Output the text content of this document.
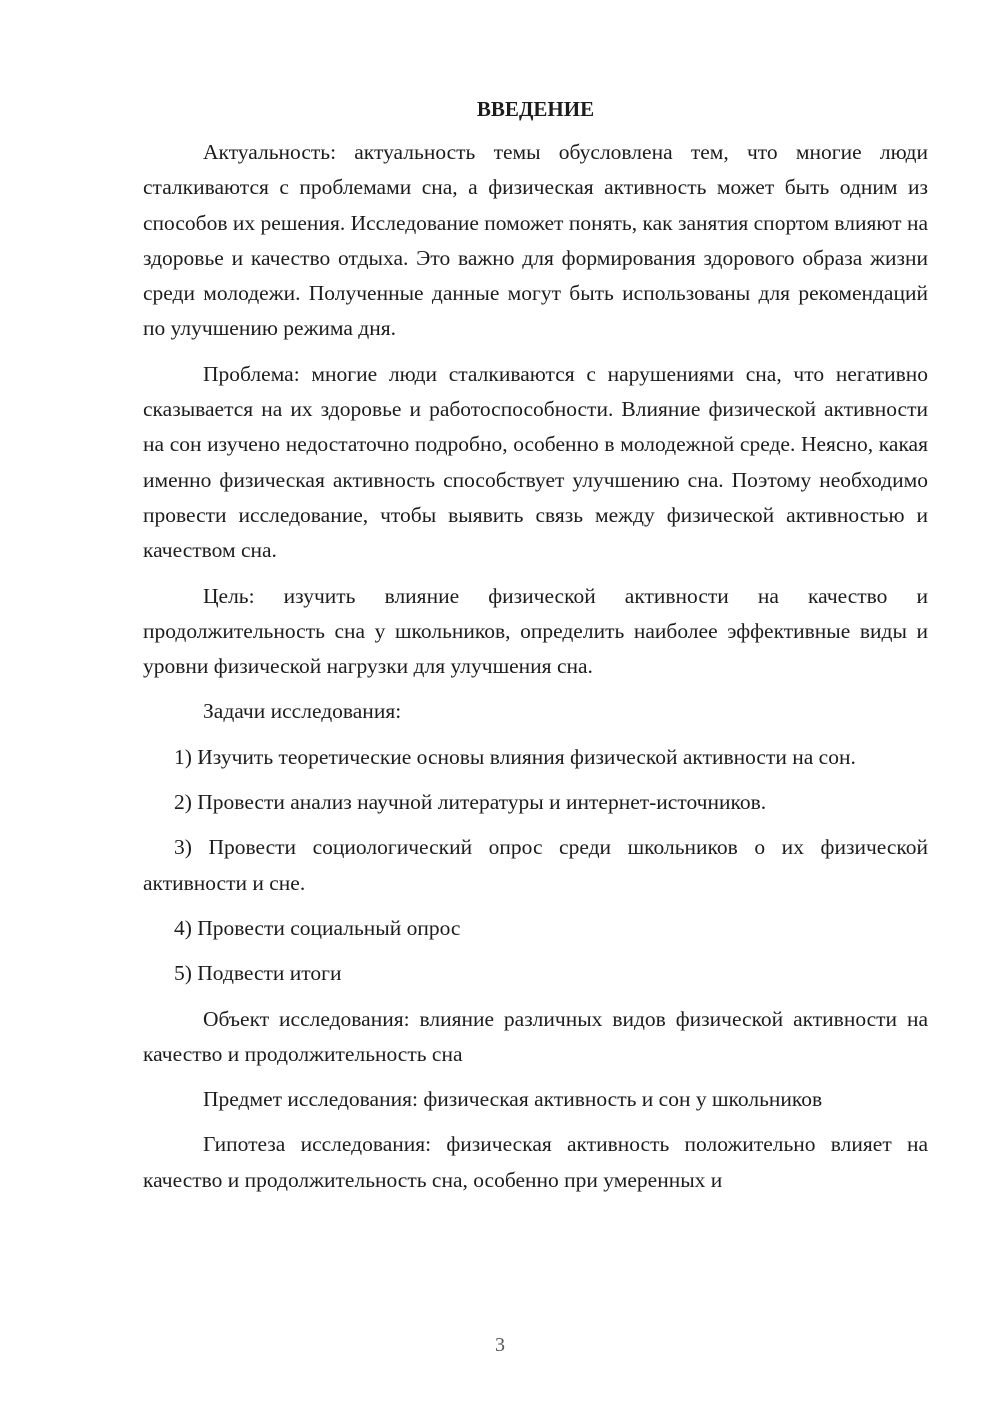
ВВЕДЕНИЕ

Актуальность: актуальность темы обусловлена тем, что многие люди сталкиваются с проблемами сна, а физическая активность может быть одним из способов их решения. Исследование поможет понять, как занятия спортом влияют на здоровье и качество отдыха. Это важно для формирования здорового образа жизни среди молодежи. Полученные данные могут быть использованы для рекомендаций по улучшению режима дня.

Проблема: многие люди сталкиваются с нарушениями сна, что негативно сказывается на их здоровье и работоспособности. Влияние физической активности на сон изучено недостаточно подробно, особенно в молодежной среде. Неясно, какая именно физическая активность способствует улучшению сна. Поэтому необходимо провести исследование, чтобы выявить связь между физической активностью и качеством сна.

Цель: изучить влияние физической активности на качество и продолжительность сна у школьников, определить наиболее эффективные виды и уровни физической нагрузки для улучшения сна.

Задачи исследования:

1) Изучить теоретические основы влияния физической активности на сон.

2) Провести анализ научной литературы и интернет-источников.

3) Провести социологический опрос среди школьников о их физической активности и сне.

4) Провести социальный опрос

5) Подвести итоги

Объект исследования: влияние различных видов физической активности на качество и продолжительность сна

Предмет исследования: физическая активность и сон у школьников

Гипотеза исследования: физическая активность положительно влияет на качество и продолжительность сна, особенно при умеренных и

3
